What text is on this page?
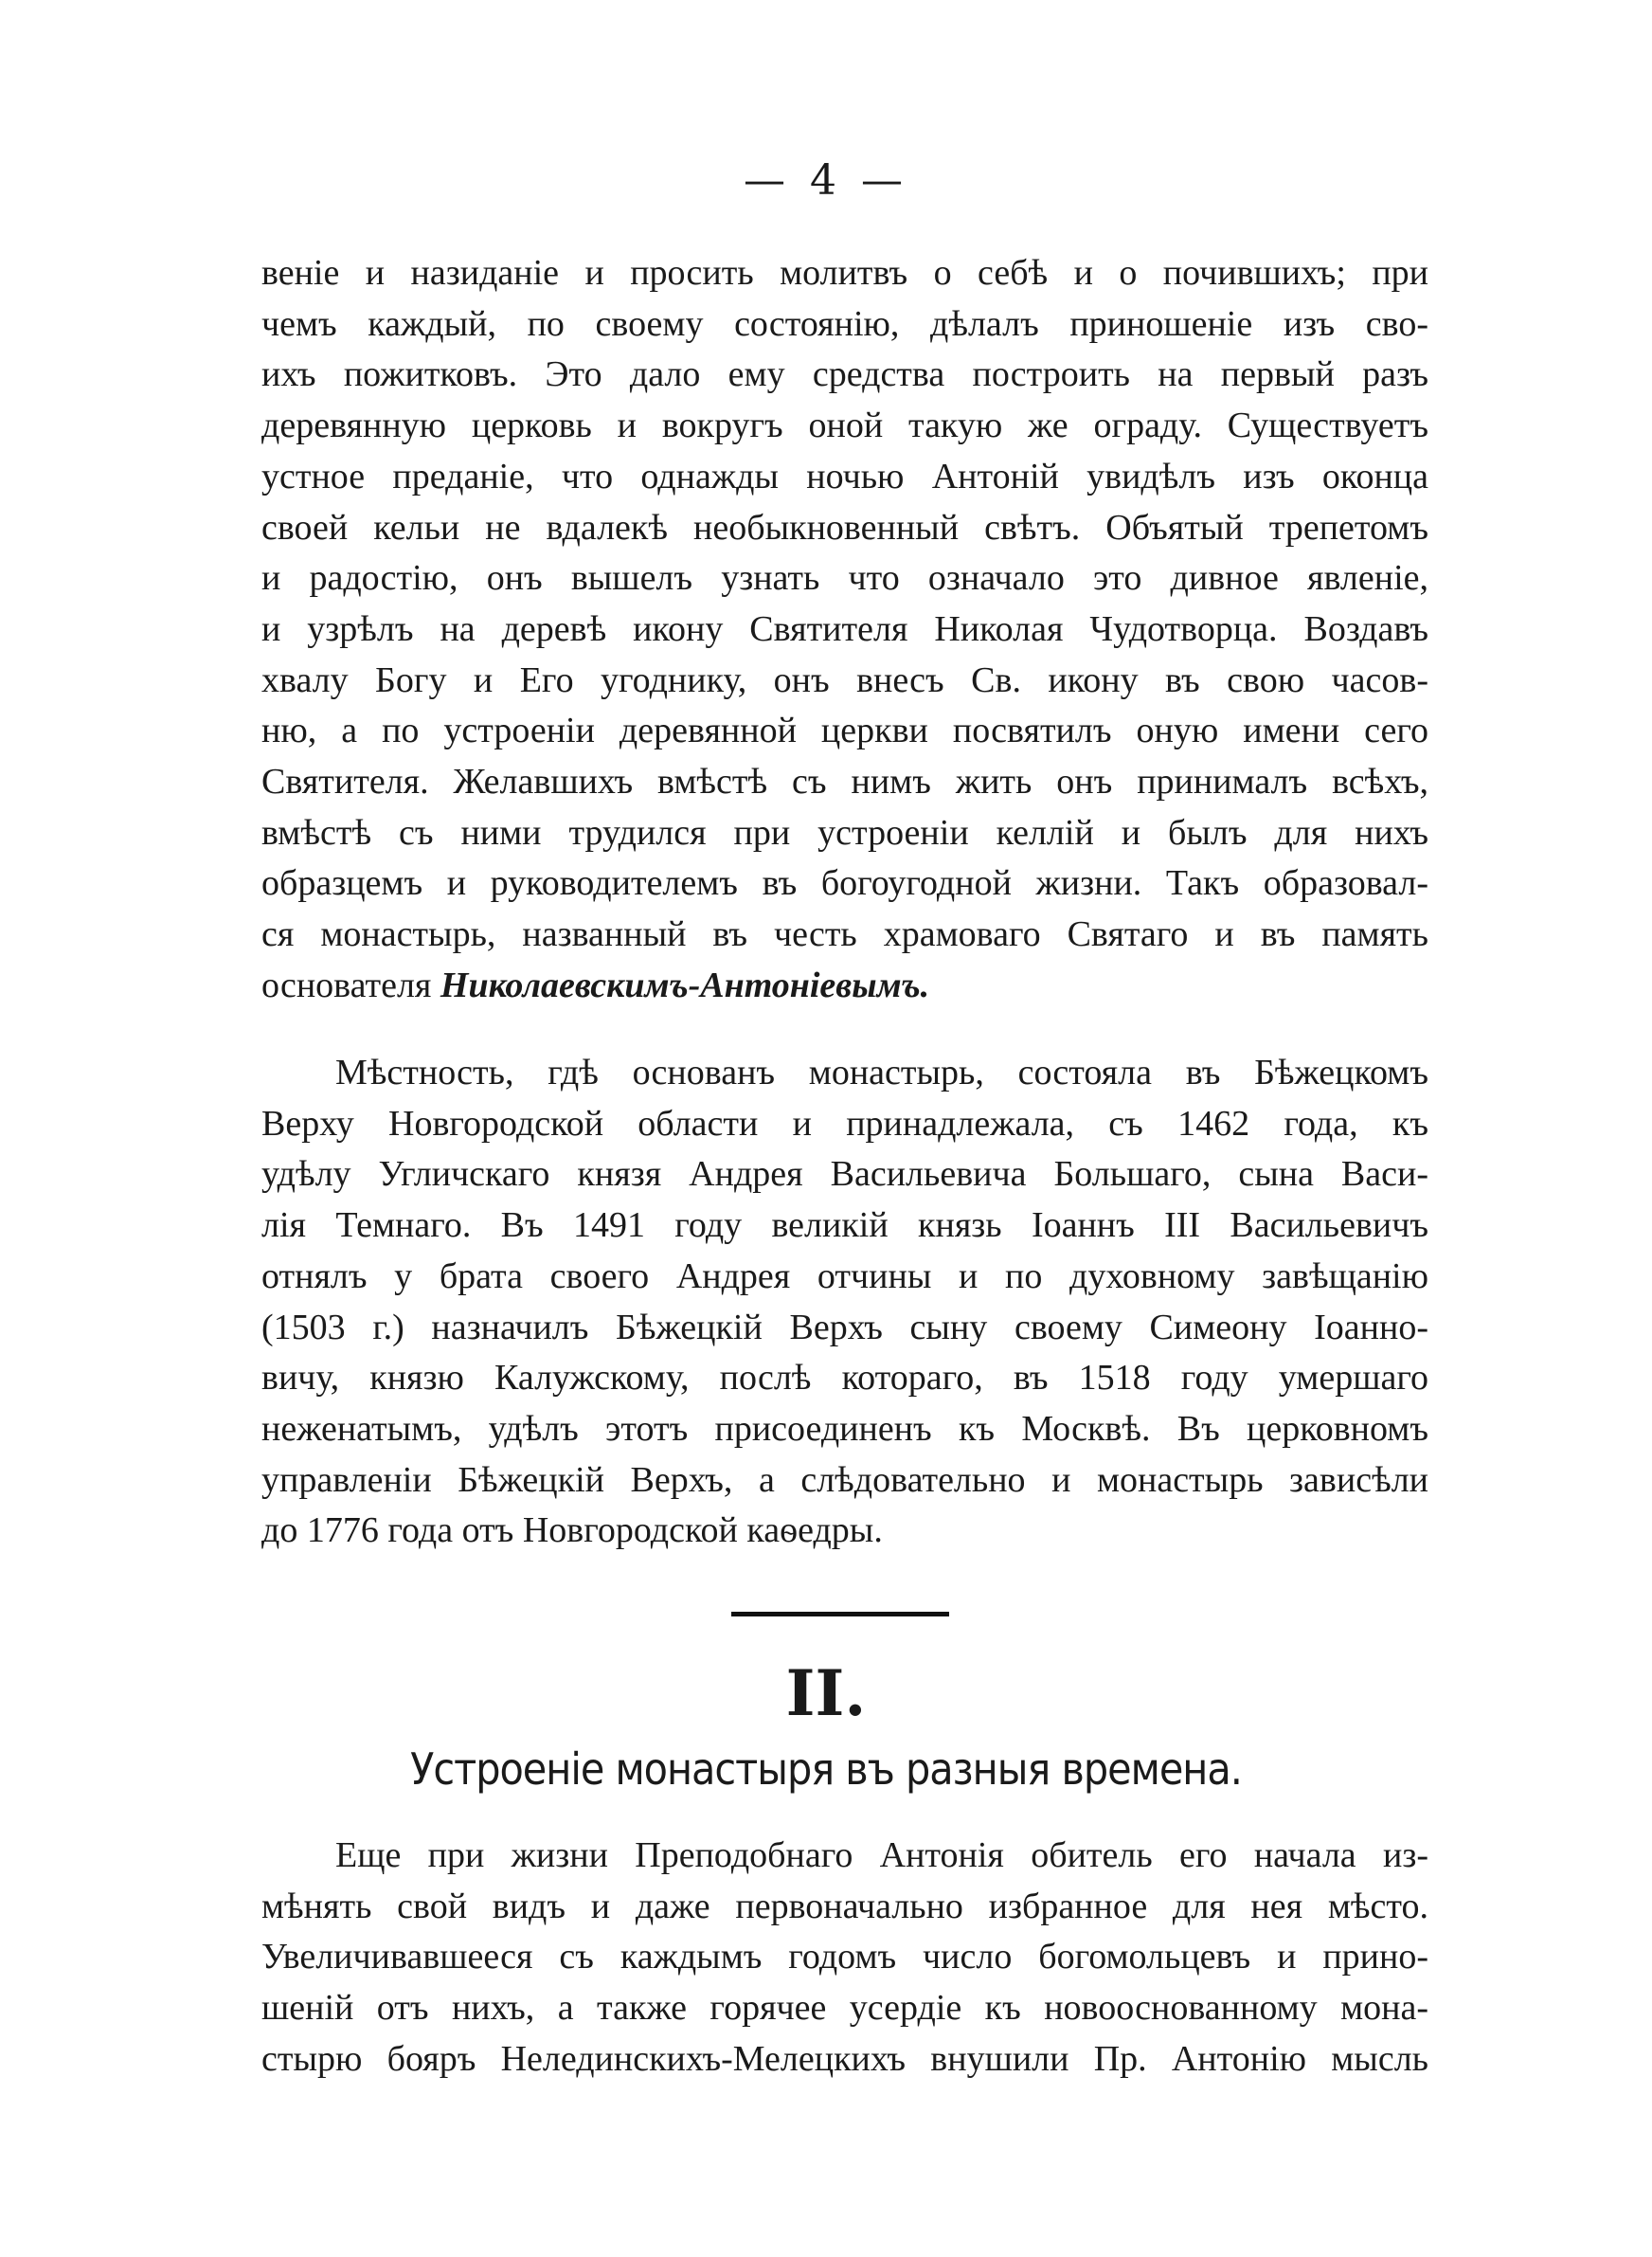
— 4 —
веніе и назиданіе и просить молитвъ о себѣ и о почившихъ; при
чемъ каждый, по своему состоянію, дѣлалъ приношеніе изъ сво-
ихъ пожитковъ. Это дало ему средства построить на первый разъ
деревянную церковь и вокругъ оной такую же ограду. Существуетъ
устное преданіе, что однажды ночью Антоній увидѣлъ изъ оконца
своей кельи не вдалекѣ необыкновенный свѣтъ. Объятый трепетомъ
и радостію, онъ вышелъ узнать что означало это дивное явленіе,
и узрѣлъ на деревѣ икону Святителя Николая Чудотворца. Воздавъ
хвалу Богу и Его угоднику, онъ внесъ Св. икону въ свою часов-
ню, а по устроеніи деревянной церкви посвятилъ оную имени сего
Святителя. Желавшихъ вмѣстѣ съ нимъ жить онъ принималъ всѣхъ,
вмѣстѣ съ ними трудился при устроеніи келлій и былъ для нихъ
образцемъ и руководителемъ въ богоугодной жизни. Такъ образовал-
ся монастырь, названный въ честь храмоваго Святаго и въ память
основателя Николаевскимъ-Антоніевымъ.
Мѣстность, гдѣ основанъ монастырь, состояла въ Бѣжецкомъ
Верху Новгородской области и принадлежала, съ 1462 года, къ
удѣлу Угличскаго князя Андрея Васильевича Большаго, сына Васи-
лія Темнаго. Въ 1491 году великій князь Іоаннъ III Васильевичъ
отнялъ у брата своего Андрея отчины и по духовному завѣщанію
(1503 г.) назначилъ Бѣжецкій Верхъ сыну своему Симеону Іоанно-
вичу, князю Калужскому, послѣ котораго, въ 1518 году умершаго
неженатымъ, удѣлъ этотъ присоединенъ къ Москвѣ. Въ церковномъ
управленіи Бѣжецкій Верхъ, а слѣдовательно и монастырь зависѣли
до 1776 года отъ Новгородской каѳедры.
II.
Устроеніе монастыря въ разныя времена.
Еще при жизни Преподобнаго Антонія обитель его начала из-
мѣнять свой видъ и даже первоначально избранное для нея мѣсто.
Увеличивавшееся съ каждымъ годомъ число богомольцевъ и прино-
шеній отъ нихъ, а также горячее усердіе къ новооснованному мона-
стырю бояръ Нелединскихъ-Мелецкихъ внушили Пр. Антонію мысль
